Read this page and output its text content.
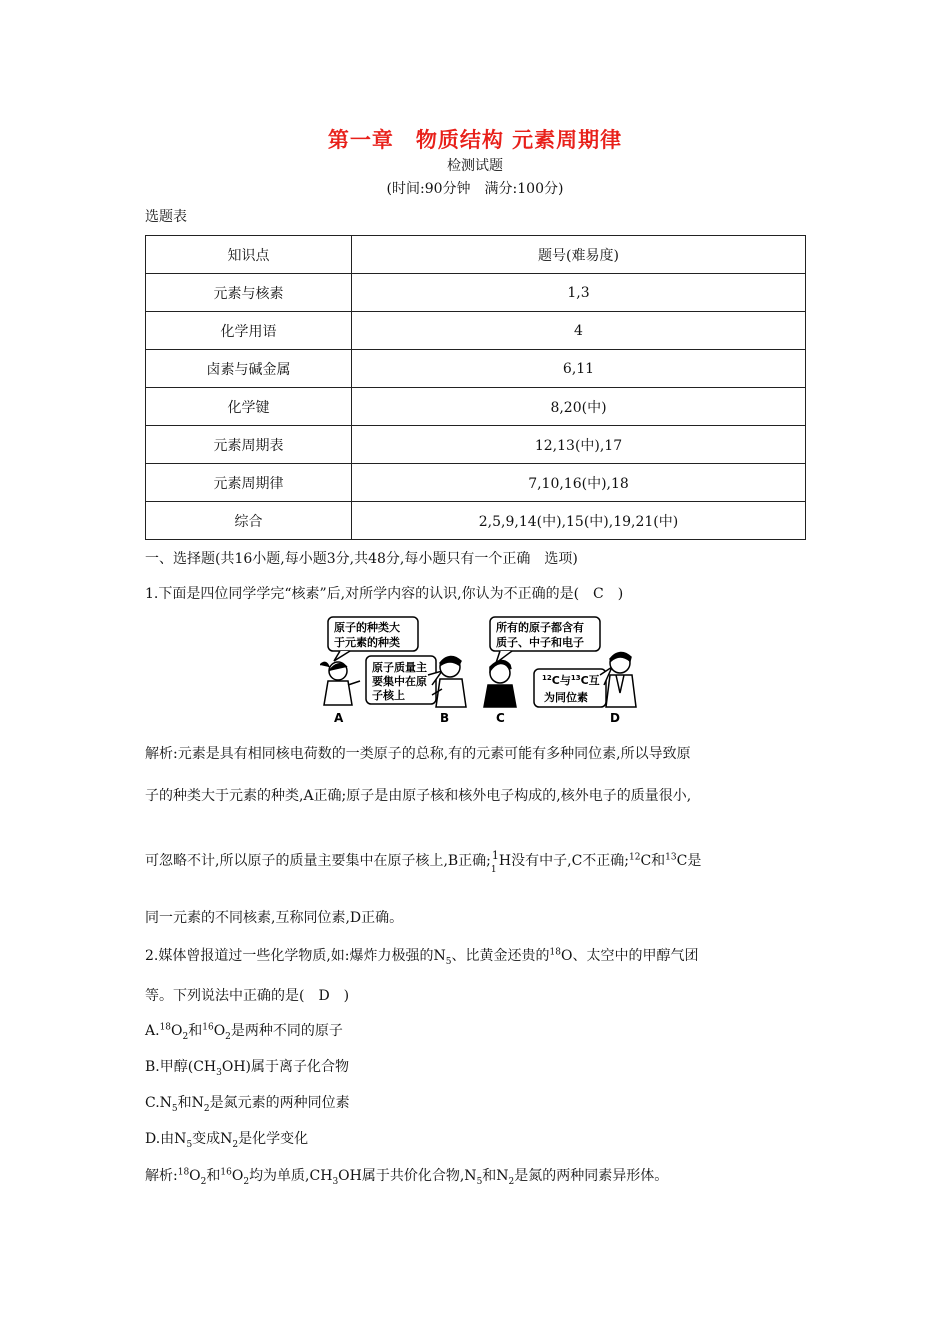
第一章　物质结构 元素周期律
检测试题
(时间:90分钟　满分:100分)
选题表
知识点	题号(难易度)
元素与核素	1,3
化学用语	4
卤素与碱金属	6,11
化学键	8,20(中)
元素周期表	12,13(中),17
元素周期律	7,10,16(中),18
综合	2,5,9,14(中),15(中),19,21(中)
一、选择题(共16小题,每小题3分,共48分,每小题只有一个正确　选项)
1.下面是四位同学学完“核素”后,对所学内容的认识,你认为不正确的是(　C　)
原子的种类大
于元素的种类
原子质量主
要集中在原
子核上
所有的原子都含有
质子、中子和电子
$^{12}$C与$^{13}$C互
为同位素
A	B	C	D
解析:元素是具有相同核电荷数的一类原子的总称,有的元素可能有多种同位素,所以导致原
子的种类大于元素的种类,A正确;原子是由原子核和核外电子构成的,核外电子的质量很小,
可忽略不计,所以原子的质量主要集中在原子核上,B正确; 1
1
H没有中子,C不正确;$^{12}$C和$^{13}$C是
同一元素的不同核素,互称同位素,D正确。
2.媒体曾报道过一些化学物质,如:爆炸力极强的$N_5$、比黄金还贵的$^{18}$O、太空中的甲醇气团
等。下列说法中正确的是(　D　)
$A.^{18}O_2$和$^{16}O_2$是两种不同的原子
B.甲醇$(CH_3OH)$属于离子化合物
$C.N_5$和$N_2$是氮元素的两种同位素
D.由$N_5$变成$N_2$是化学变化
解析$:^{18}O_2$和$^{16}O_2$均为单质$,CH_3OH$属于共价化合物$,N_5$和$N_2$是氮的两种同素异形体。
